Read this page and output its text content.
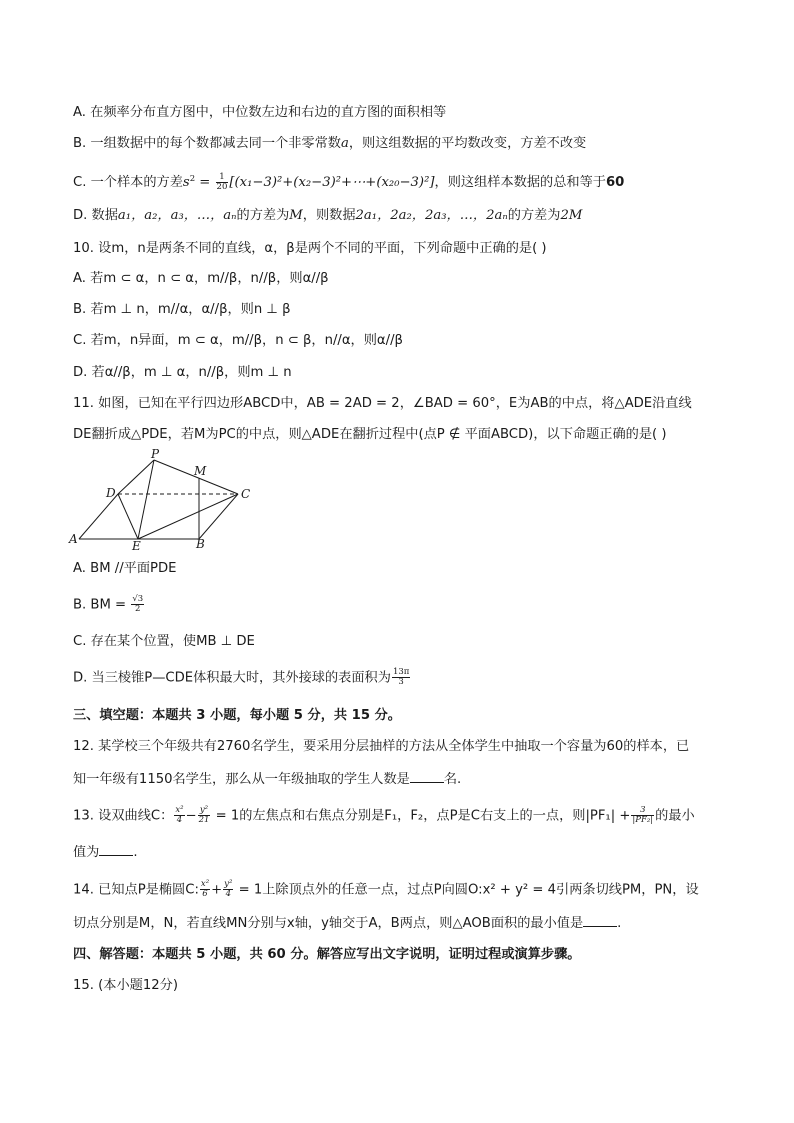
A. 在频率分布直方图中，中位数左边和右边的直方图的面积相等
B. 一组数据中的每个数都减去同一个非零常数a，则这组数据的平均数改变，方差不改变
C. 一个样本的方差$s^2 = \frac{1}{20}$ [(x₁−3)²+(x₂−3)²+⋯+(x₂₀−3)²]，则这组样本数据的总和等于60
D. 数据a₁，a₂，a₃，…，aₙ的方差为M，则数据2a₁，2a₂，2a₃，…，2aₙ的方差为2M
10. 设m，n是两条不同的直线，α，β是两个不同的平面，下列命题中正确的是( )
A. 若m ⊂ α，n ⊂ α，m//β，n//β，则α//β
B. 若m ⊥ n，m//α，α//β，则n ⊥ β
C. 若m，n异面，m ⊂ α，m//β，n ⊂ β，n//α，则α//β
D. 若α//β，m ⊥ α，n//β，则m ⊥ n
11. 如图，已知在平行四边形ABCD中，AB = 2AD = 2，∠BAD = 60°，E为AB的中点，将△ADE沿直线
DE翻折成△PDE，若M为PC的中点，则△ADE在翻折过程中(点P ∉ 平面ABCD)，以下命题正确的是( )
P
M
D	C
A	E	B
A. BM //平面PDE
B. BM = $\frac{√3}{2}$
C. 存在某个位置，使MB ⊥ DE
D. 当三棱锥P—CDE体积最大时，其外接球的表面积为 $\frac{13\pi}{3}$
三、填空题：本题共 3 小题，每小题 5 分，共 15 分。
12. 某学校三个年级共有2760名学生，要采用分层抽样的方法从全体学生中抽取一个容量为60的样本，已
知一年级有1150名学生，那么从一年级抽取的学生人数是	名.
13. 设双曲线C： $\frac{\text{x²}}{4} - \frac{\text{y²}}{21} = 1$的左焦点和右焦点分别是F₁，F₂，点P是C右支上的一点，则$|PF_1| + \frac{3}{\text{|PF₂|}}$ 的最小
值为	.
14. 已知点P是椭圆C: $\frac{\text{x²}}{6} + \frac{\text{y²}}{4} = 1$上除顶点外的任意一点，过点P向圆O:x² + y² = 4引两条切线PM，PN，设
切点分别是M，N，若直线MN分别与x轴，y轴交于A，B两点，则△AOB面积的最小值是	.
四、解答题：本题共 5 小题，共 60 分。解答应写出文字说明，证明过程或演算步骤。
15. (本小题12分)
